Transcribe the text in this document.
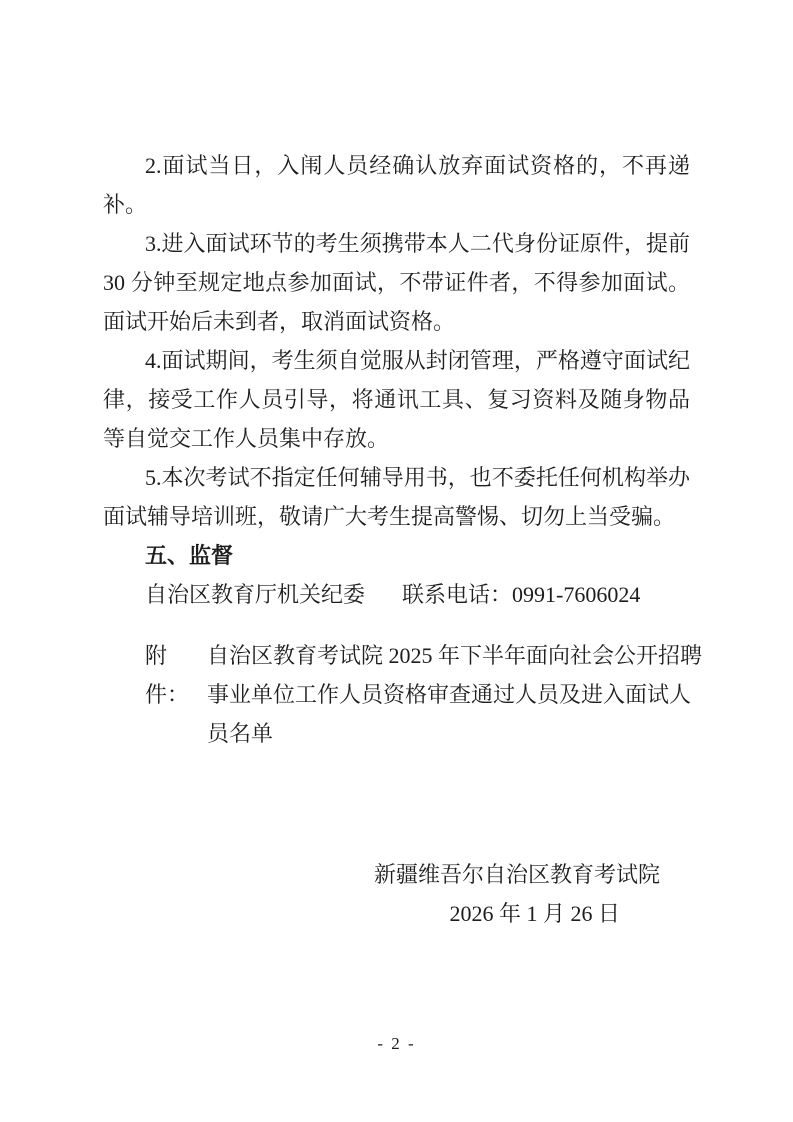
2.面试当日，入闱人员经确认放弃面试资格的，不再递补。

3.进入面试环节的考生须携带本人二代身份证原件，提前 30 分钟至规定地点参加面试，不带证件者，不得参加面试。面试开始后未到者，取消面试资格。

4.面试期间，考生须自觉服从封闭管理，严格遵守面试纪律，接受工作人员引导，将通讯工具、复习资料及随身物品等自觉交工作人员集中存放。

5.本次考试不指定任何辅导用书，也不委托任何机构举办面试辅导培训班，敬请广大考生提高警惕、切勿上当受骗。

五、监督

自治区教育厅机关纪委 联系电话：0991-7606024

附件：
自治区教育考试院 2025 年下半年面向社会公开招聘
事业单位工作人员资格审查通过人员及进入面试人
员名单
新疆维吾尔自治区教育考试院
2026 年 1 月 26 日
- 2 -
